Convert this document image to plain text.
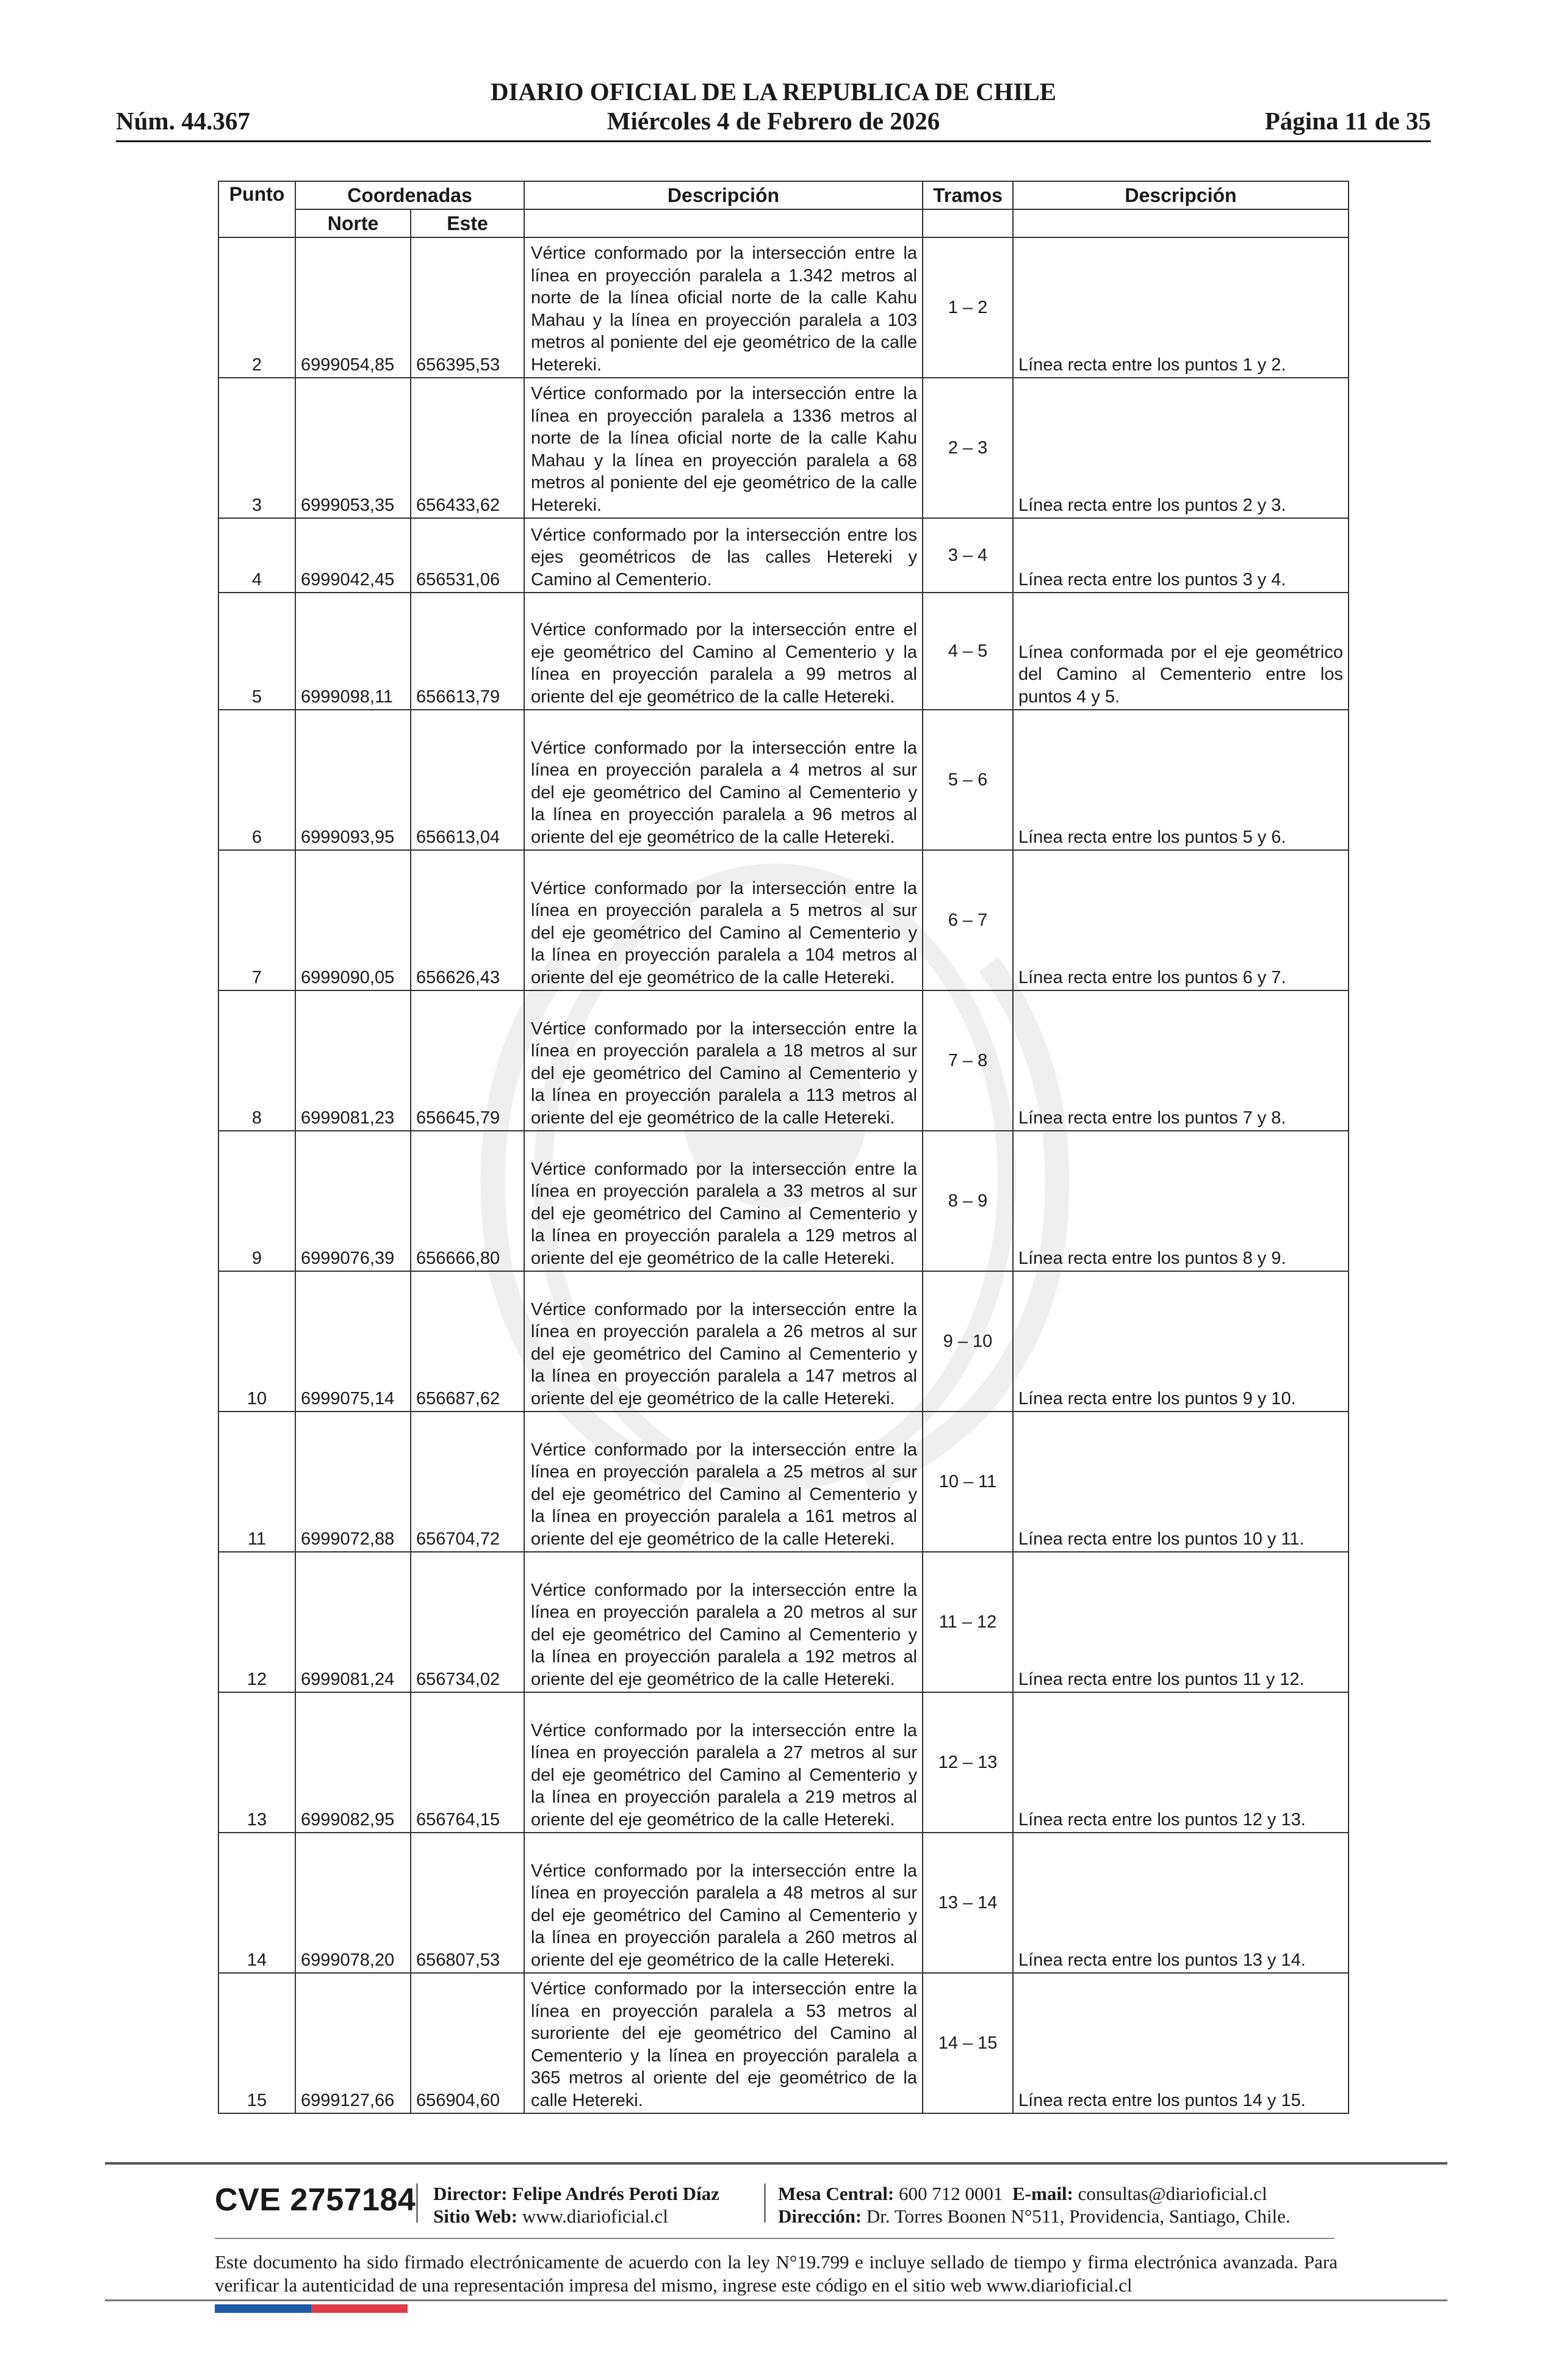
DIARIO OFICIAL DE LA REPUBLICA DE CHILE
Miércoles 4 de Febrero de 2026
Núm. 44.367	Página 11 de 35
Punto	Coordenadas		Descripción	Tramos	Descripción
	Norte	Este			
2	6999054,85	656395,53	Vértice conformado por la intersección entre la línea en proyección paralela a 1.342 metros al norte de la línea oficial norte de la calle Kahu Mahau y la línea en proyección paralela a 103 metros al poniente del eje geométrico de la calle Hetereki.	1 – 2	Línea recta entre los puntos 1 y 2.
3	6999053,35	656433,62	Vértice conformado por la intersección entre la línea en proyección paralela a 1336 metros al norte de la línea oficial norte de la calle Kahu Mahau y la línea en proyección paralela a 68 metros al poniente del eje geométrico de la calle Hetereki.	2 – 3	Línea recta entre los puntos 2 y 3.
4	6999042,45	656531,06	Vértice conformado por la intersección entre los ejes geométricos de las calles Hetereki y Camino al Cementerio.	3 – 4	Línea recta entre los puntos 3 y 4.
5	6999098,11	656613,79	Vértice conformado por la intersección entre el eje geométrico del Camino al Cementerio y la línea en proyección paralela a 99 metros al oriente del eje geométrico de la calle Hetereki.	4 – 5	Línea conformada por el eje geométrico del Camino al Cementerio entre los puntos 4 y 5.
6	6999093,95	656613,04	Vértice conformado por la intersección entre la línea en proyección paralela a 4 metros al sur del eje geométrico del Camino al Cementerio y la línea en proyección paralela a 96 metros al oriente del eje geométrico de la calle Hetereki.	5 – 6	Línea recta entre los puntos 5 y 6.
7	6999090,05	656626,43	Vértice conformado por la intersección entre la línea en proyección paralela a 5 metros al sur del eje geométrico del Camino al Cementerio y la línea en proyección paralela a 104 metros al oriente del eje geométrico de la calle Hetereki.	6 – 7	Línea recta entre los puntos 6 y 7.
8	6999081,23	656645,79	Vértice conformado por la intersección entre la línea en proyección paralela a 18 metros al sur del eje geométrico del Camino al Cementerio y la línea en proyección paralela a 113 metros al oriente del eje geométrico de la calle Hetereki.	7 – 8	Línea recta entre los puntos 7 y 8.
9	6999076,39	656666,80	Vértice conformado por la intersección entre la línea en proyección paralela a 33 metros al sur del eje geométrico del Camino al Cementerio y la línea en proyección paralela a 129 metros al oriente del eje geométrico de la calle Hetereki.	8 – 9	Línea recta entre los puntos 8 y 9.
10	6999075,14	656687,62	Vértice conformado por la intersección entre la línea en proyección paralela a 26 metros al sur del eje geométrico del Camino al Cementerio y la línea en proyección paralela a 147 metros al oriente del eje geométrico de la calle Hetereki.	9 – 10	Línea recta entre los puntos 9 y 10.
11	6999072,88	656704,72	Vértice conformado por la intersección entre la línea en proyección paralela a 25 metros al sur del eje geométrico del Camino al Cementerio y la línea en proyección paralela a 161 metros al oriente del eje geométrico de la calle Hetereki.	10 – 11	Línea recta entre los puntos 10 y 11.
12	6999081,24	656734,02	Vértice conformado por la intersección entre la línea en proyección paralela a 20 metros al sur del eje geométrico del Camino al Cementerio y la línea en proyección paralela a 192 metros al oriente del eje geométrico de la calle Hetereki.	11 – 12	Línea recta entre los puntos 11 y 12.
13	6999082,95	656764,15	Vértice conformado por la intersección entre la línea en proyección paralela a 27 metros al sur del eje geométrico del Camino al Cementerio y la línea en proyección paralela a 219 metros al oriente del eje geométrico de la calle Hetereki.	12 – 13	Línea recta entre los puntos 12 y 13.
14	6999078,20	656807,53	Vértice conformado por la intersección entre la línea en proyección paralela a 48 metros al sur del eje geométrico del Camino al Cementerio y la línea en proyección paralela a 260 metros al oriente del eje geométrico de la calle Hetereki.	13 – 14	Línea recta entre los puntos 13 y 14.
15	6999127,66	656904,60	Vértice conformado por la intersección entre la línea en proyección paralela a 53 metros al suroriente del eje geométrico del Camino al Cementerio y la línea en proyección paralela a 365 metros al oriente del eje geométrico de la calle Hetereki.	14 – 15	Línea recta entre los puntos 14 y 15.
CVE 2757184 Director: Felipe Andrés Peroti Díaz
Sitio Web: www.diarioficial.cl
Mesa Central: 600 712 0001 E-mail: consultas@diarioficial.cl
Dirección: Dr. Torres Boonen N°511, Providencia, Santiago, Chile.
Este documento ha sido firmado electrónicamente de acuerdo con la ley N°19.799 e incluye sellado de tiempo y firma electrónica avanzada. Para verificar la autenticidad de una representación impresa del mismo, ingrese este código en el sitio web www.diarioficial.cl
